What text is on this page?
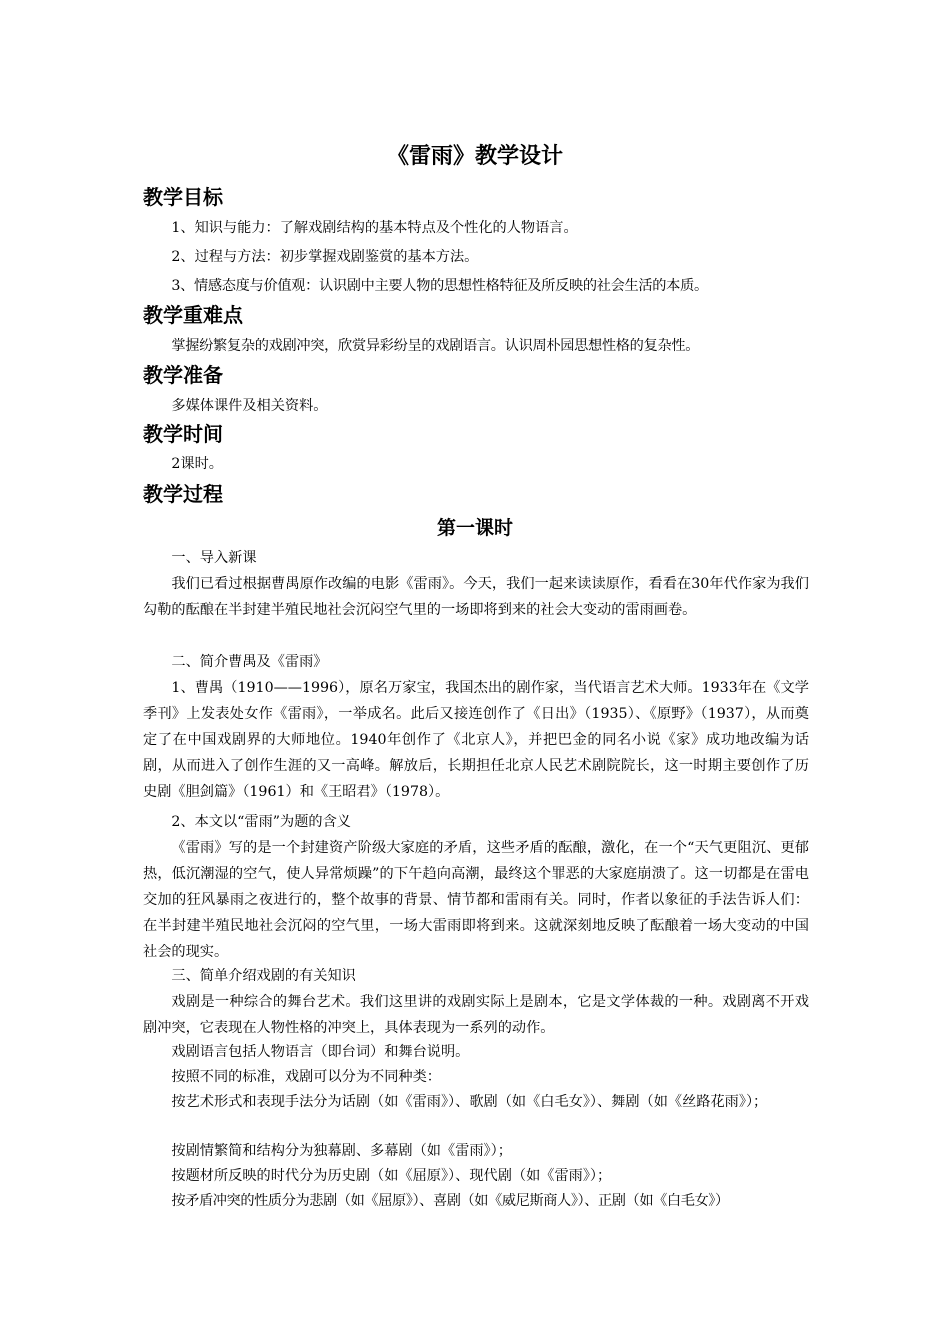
《雷雨》教学设计
教学目标
1、知识与能力：了解戏剧结构的基本特点及个性化的人物语言。
2、过程与方法：初步掌握戏剧鉴赏的基本方法。
3、情感态度与价值观：认识剧中主要人物的思想性格特征及所反映的社会生活的本质。
教学重难点
掌握纷繁复杂的戏剧冲突，欣赏异彩纷呈的戏剧语言。认识周朴园思想性格的复杂性。
教学准备
多媒体课件及相关资料。
教学时间
2课时。
教学过程
第一课时
一、导入新课
我们已看过根据曹禺原作改编的电影《雷雨》。今天，我们一起来读读原作，看看在30年代作家为我们勾勒的酝酿在半封建半殖民地社会沉闷空气里的一场即将到来的社会大变动的雷雨画卷。
二、简介曹禺及《雷雨》
1、曹禺（1910——1996），原名万家宝，我国杰出的剧作家，当代语言艺术大师。1933年在《文学季刊》上发表处女作《雷雨》，一举成名。此后又接连创作了《日出》（1935）、《原野》（1937），从而奠定了在中国戏剧界的大师地位。1940年创作了《北京人》，并把巴金的同名小说《家》成功地改编为话剧，从而进入了创作生涯的又一高峰。解放后，长期担任北京人民艺术剧院院长，这一时期主要创作了历史剧《胆剑篇》（1961）和《王昭君》（1978）。
2、本文以“雷雨”为题的含义
《雷雨》写的是一个封建资产阶级大家庭的矛盾，这些矛盾的酝酿，激化，在一个“天气更阻沉、更郁热，低沉潮湿的空气，使人异常烦躁”的下午趋向高潮，最终这个罪恶的大家庭崩溃了。这一切都是在雷电交加的狂风暴雨之夜进行的，整个故事的背景、情节都和雷雨有关。同时，作者以象征的手法告诉人们：在半封建半殖民地社会沉闷的空气里，一场大雷雨即将到来。这就深刻地反映了酝酿着一场大变动的中国社会的现实。
三、简单介绍戏剧的有关知识
戏剧是一种综合的舞台艺术。我们这里讲的戏剧实际上是剧本，它是文学体裁的一种。戏剧离不开戏剧冲突，它表现在人物性格的冲突上，具体表现为一系列的动作。
戏剧语言包括人物语言（即台词）和舞台说明。
按照不同的标准，戏剧可以分为不同种类：
按艺术形式和表现手法分为话剧（如《雷雨》）、歌剧（如《白毛女》）、舞剧（如《丝路花雨》）；
按剧情繁简和结构分为独幕剧、多幕剧（如《雷雨》）；
按题材所反映的时代分为历史剧（如《屈原》）、现代剧（如《雷雨》）；
按矛盾冲突的性质分为悲剧（如《屈原》）、喜剧（如《威尼斯商人》）、正剧（如《白毛女》）
